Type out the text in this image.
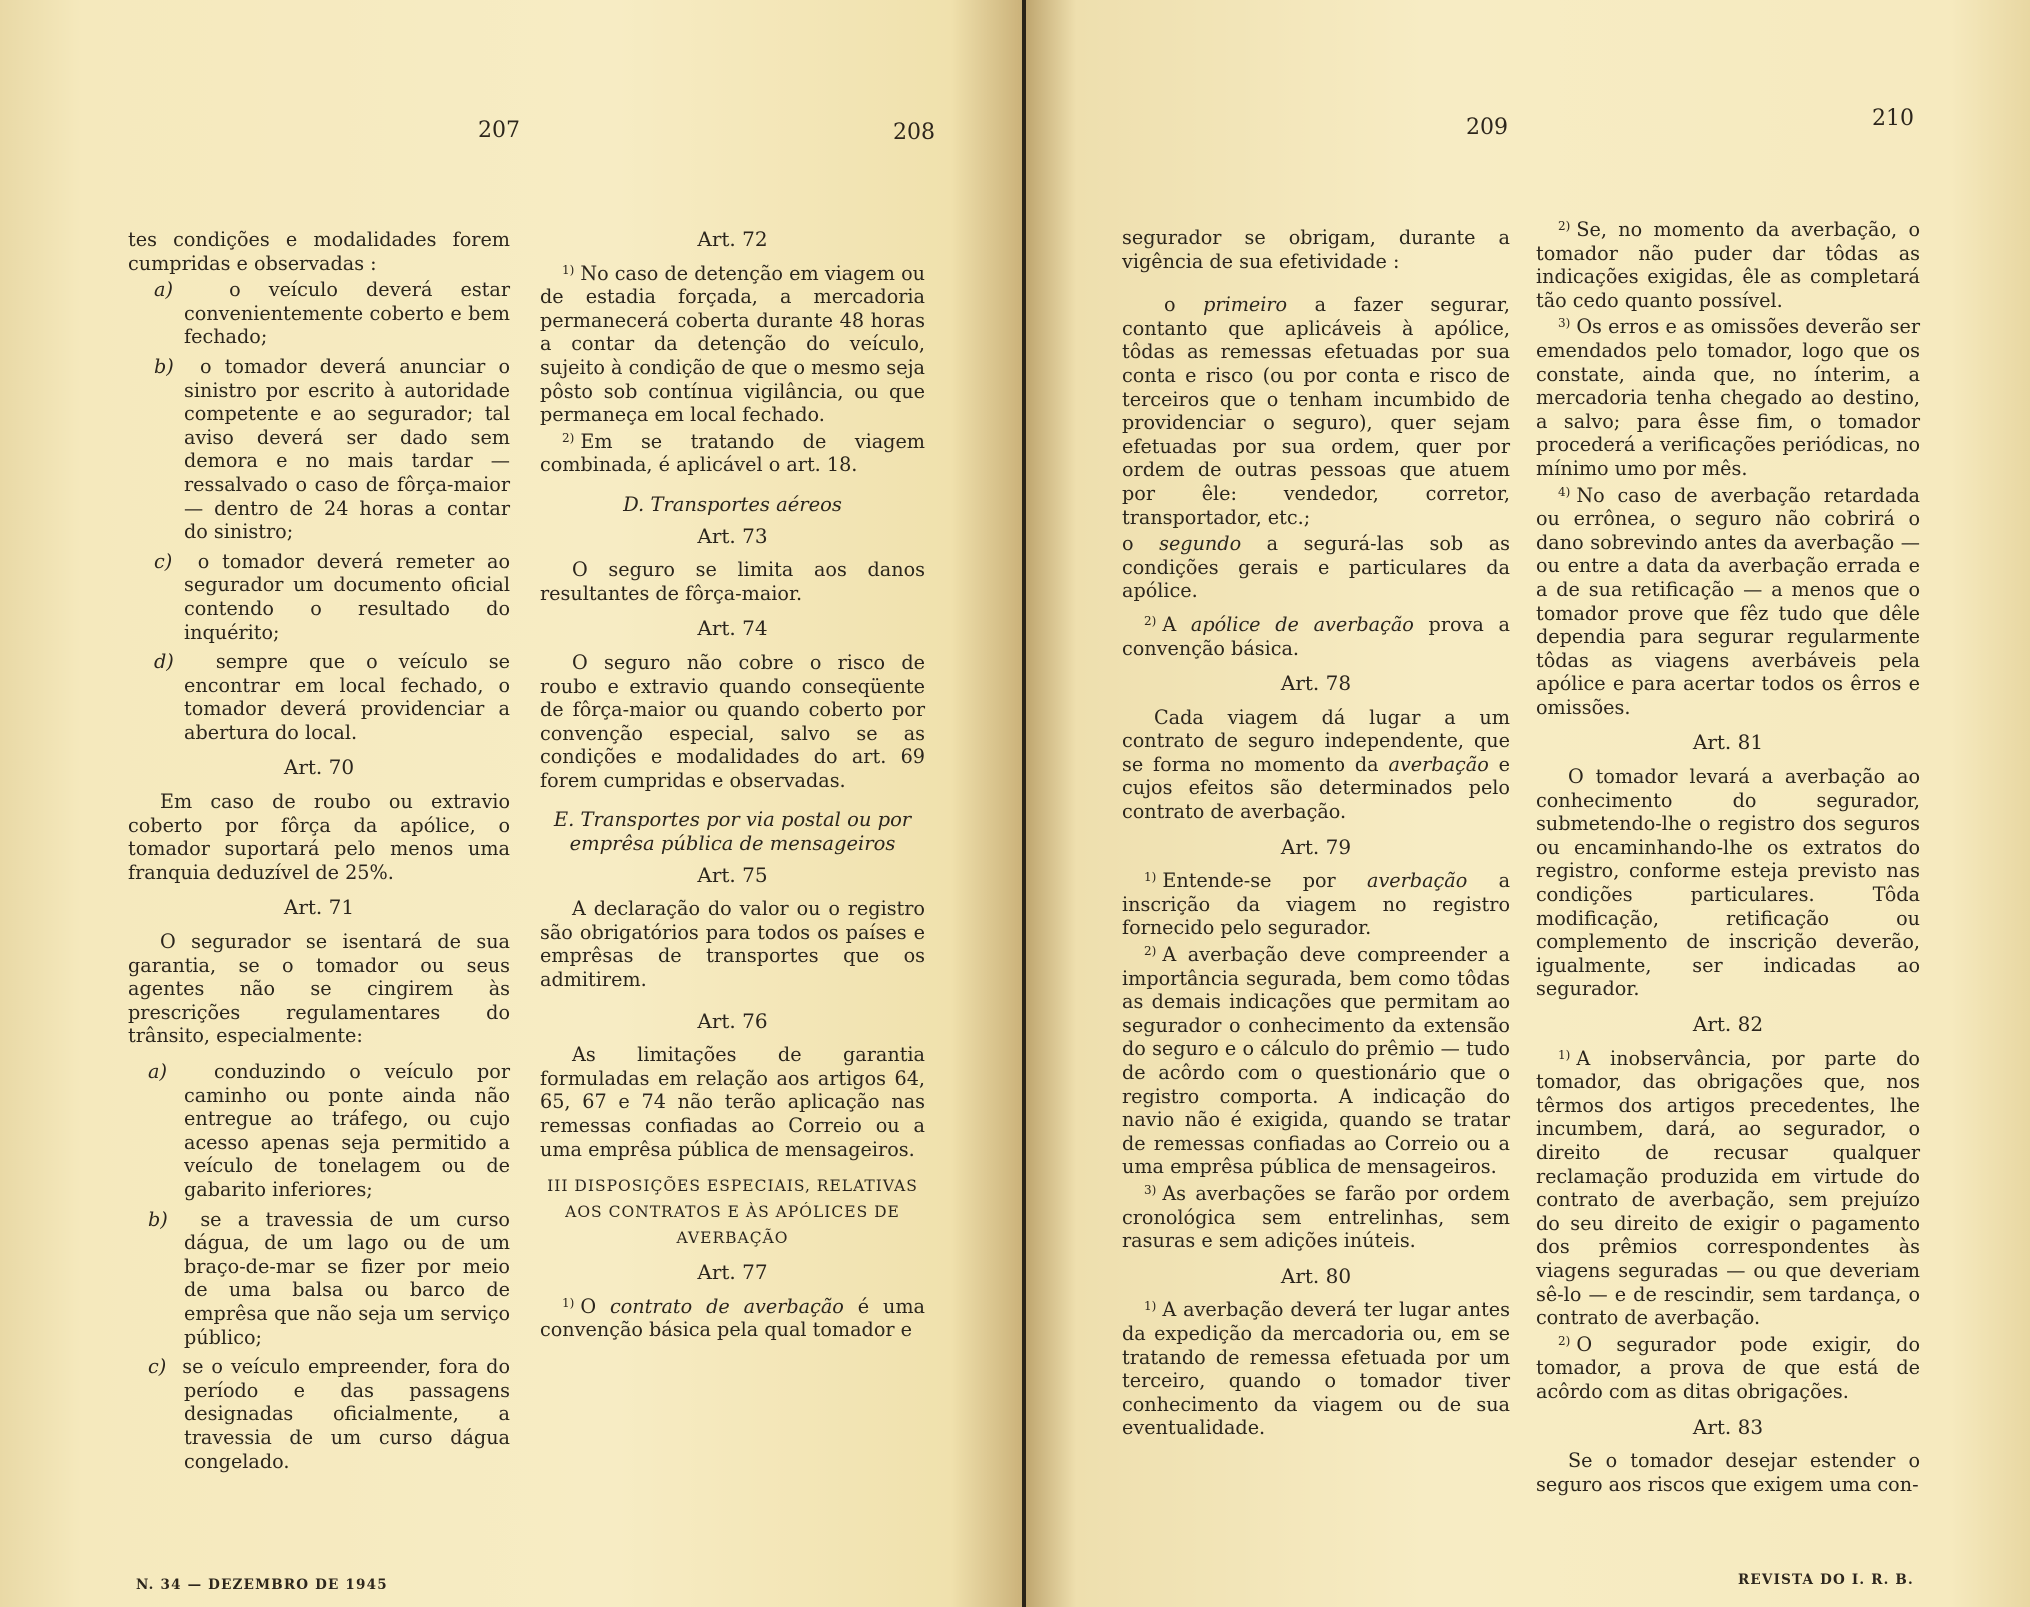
207	208	209	210

tes condições e modalidades forem cumpridas e observadas :

a)	o veículo deverá estar convenientemente coberto e bem fechado;

b) o tomador deverá anunciar o sinistro por escrito à autoridade competente e ao segurador; tal aviso deverá ser dado sem demora e no mais tardar — ressalvado o caso de fôrça-maior — dentro de 24 horas a contar do sinistro;

c) o tomador deverá remeter ao segurador um documento oficial contendo o resultado do inquérito;

d) sempre que o veículo se encontrar em local fechado, o tomador deverá providenciar a abertura do local.

Art. 70

Em caso de roubo ou extravio coberto por fôrça da apólice, o tomador suportará pelo menos uma franquia deduzível de 25%.

Art. 71

O segurador se isentará de sua garantia, se o tomador ou seus agentes não se cingirem às prescrições regulamentares do trânsito, especialmente:

a) conduzindo o veículo por caminho ou ponte ainda não entregue ao tráfego, ou cujo acesso apenas seja permitido a veículo de tonelagem ou de gabarito inferiores;

b) se a travessia de um curso dágua, de um lago ou de um braço-de-mar se fizer por meio de uma balsa ou barco de emprêsa que não seja um serviço público;

c) se o veículo empreender, fora do período e das passagens designadas oficialmente, a travessia de um curso dágua congelado.

Art. 72

$^{1)}$ No caso de detenção em viagem ou de estadia forçada, a mercadoria permanecerá coberta durante 48 horas a contar da detenção do veículo, sujeito à condição de que o mesmo seja pôsto sob contínua vigilância, ou que permaneça em local fechado.

$^{2)}$ Em se tratando de viagem combinada, é aplicável o art. 18.

D. Transportes aéreos
Art. 73

O seguro se limita aos danos resultantes de fôrça-maior.

Art. 74

O seguro não cobre o risco de roubo e extravio quando conseqüente de fôrça-maior ou quando coberto por convenção especial, salvo se as condições e modalidades do art. 69 forem cumpridas e observadas.

E. Transportes por via postal ou por emprêsa pública de mensageiros
Art. 75

A declaração do valor ou o registro são obrigatórios para todos os países e emprêsas de transportes que os admitirem.

Art. 76

As limitações de garantia formuladas em relação aos artigos 64, 65, 67 e 74 não terão aplicação nas remessas confiadas ao Correio ou a uma emprêsa pública de mensageiros.

III DISPOSIÇÕES ESPECIAIS, RELATIVAS AOS CONTRATOS E ÀS APÓLICES DE AVERBAÇÃO
Art. 77

$^{1)}$ O contrato de averbação é uma convenção básica pela qual tomador e

segurador se obrigam, durante a vigência de sua efetividade :

o primeiro a fazer segurar, contanto que aplicáveis à apólice, tôdas as remessas efetuadas por sua conta e risco (ou por conta e risco de terceiros que o tenham incumbido de providenciar o seguro), quer sejam efetuadas por sua ordem, quer por ordem de outras pessoas que atuem por êle: vendedor, corretor, transportador, etc.;

o segundo a segurá-las sob as condições gerais e particulares da apólice.

$^{2)}$ A apólice de averbação prova a convenção básica.

Art. 78

Cada viagem dá lugar a um contrato de seguro independente, que se forma no momento da averbação e cujos efeitos são determinados pelo contrato de averbação.

Art. 79

$^{1)}$ Entende-se por averbação a inscrição da viagem no registro fornecido pelo segurador.

$^{2)}$ A averbação deve compreender a importância segurada, bem como tôdas as demais indicações que permitam ao segurador o conhecimento da extensão do seguro e o cálculo do prêmio — tudo de acôrdo com o questionário que o registro comporta. A indicação do navio não é exigida, quando se tratar de remessas confiadas ao Correio ou a uma emprêsa pública de mensageiros.

$^{3)}$ As averbações se farão por ordem cronológica sem entrelinhas, sem rasuras e sem adições inúteis.

Art. 80

$^{1)}$ A averbação deverá ter lugar antes da expedição da mercadoria ou, em se tratando de remessa efetuada por um terceiro, quando o tomador tiver conhecimento da viagem ou de sua eventualidade.

$^{2)}$ Se, no momento da averbação, o tomador não puder dar tôdas as indicações exigidas, êle as completará tão cedo quanto possível.

$^{3)}$ Os erros e as omissões deverão ser emendados pelo tomador, logo que os constate, ainda que, no ínterim, a mercadoria tenha chegado ao destino, a salvo; para êsse fim, o tomador procederá a verificações periódicas, no mínimo umo por mês.

$^{4)}$ No caso de averbação retardada ou errônea, o seguro não cobrirá o dano sobrevindo antes da averbação — ou entre a data da averbação errada e a de sua retificação — a menos que o tomador prove que fêz tudo que dêle dependia para segurar regularmente tôdas as viagens averbáveis pela apólice e para acertar todos os êrros e omissões.

Art. 81

O tomador levará a averbação ao conhecimento do segurador, submetendo-lhe o registro dos seguros ou encaminhando-lhe os extratos do registro, conforme esteja previsto nas condições particulares. Tôda modificação, retificação ou complemento de inscrição deverão, igualmente, ser indicadas ao segurador.

Art. 82

$^{1)}$ A inobservância, por parte do tomador, das obrigações que, nos têrmos dos artigos precedentes, lhe incumbem, dará, ao segurador, o direito de recusar qualquer reclamação produzida em virtude do contrato de averbação, sem prejuízo do seu direito de exigir o pagamento dos prêmios correspondentes às viagens seguradas — ou que deveriam sê-lo — e de rescindir, sem tardança, o contrato de averbação.

$^{2)}$ O segurador pode exigir, do tomador, a prova de que está de acôrdo com as ditas obrigações.

Art. 83

Se o tomador desejar estender o seguro aos riscos que exigem uma con-

N. 34 — DEZEMBRO DE 1945	REVISTA DO I. R. B.
